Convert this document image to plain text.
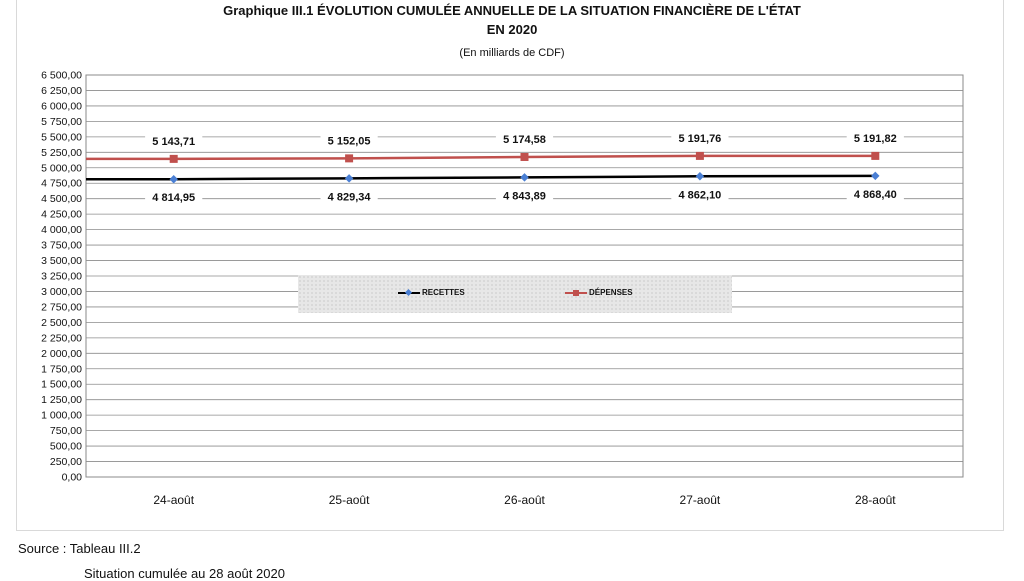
Graphique III.1 ÉVOLUTION CUMULÉE ANNUELLE DE LA SITUATION FINANCIÈRE DE L'ÉTAT
EN 2020
(En milliards de CDF)
0,00
250,00
500,00
750,00
1 000,00
1 250,00
1 500,00
1 750,00
2 000,00
2 250,00
2 500,00
2 750,00
3 000,00
3 250,00
3 500,00
3 750,00
4 000,00
4 250,00
4 500,00
4 750,00
5 000,00
5 250,00
5 500,00
5 750,00
6 000,00
6 250,00
6 500,00
24-août	25-août	26-août	27-août	28-août
4 814,95	4 829,34	4 843,89	4 862,10	4 868,40
5 143,71	5 152,05	5 174,58	5 191,76	5 191,82
RECETTES	DÉPENSES
Source : Tableau III.2
Situation cumulée au 28 août 2020
